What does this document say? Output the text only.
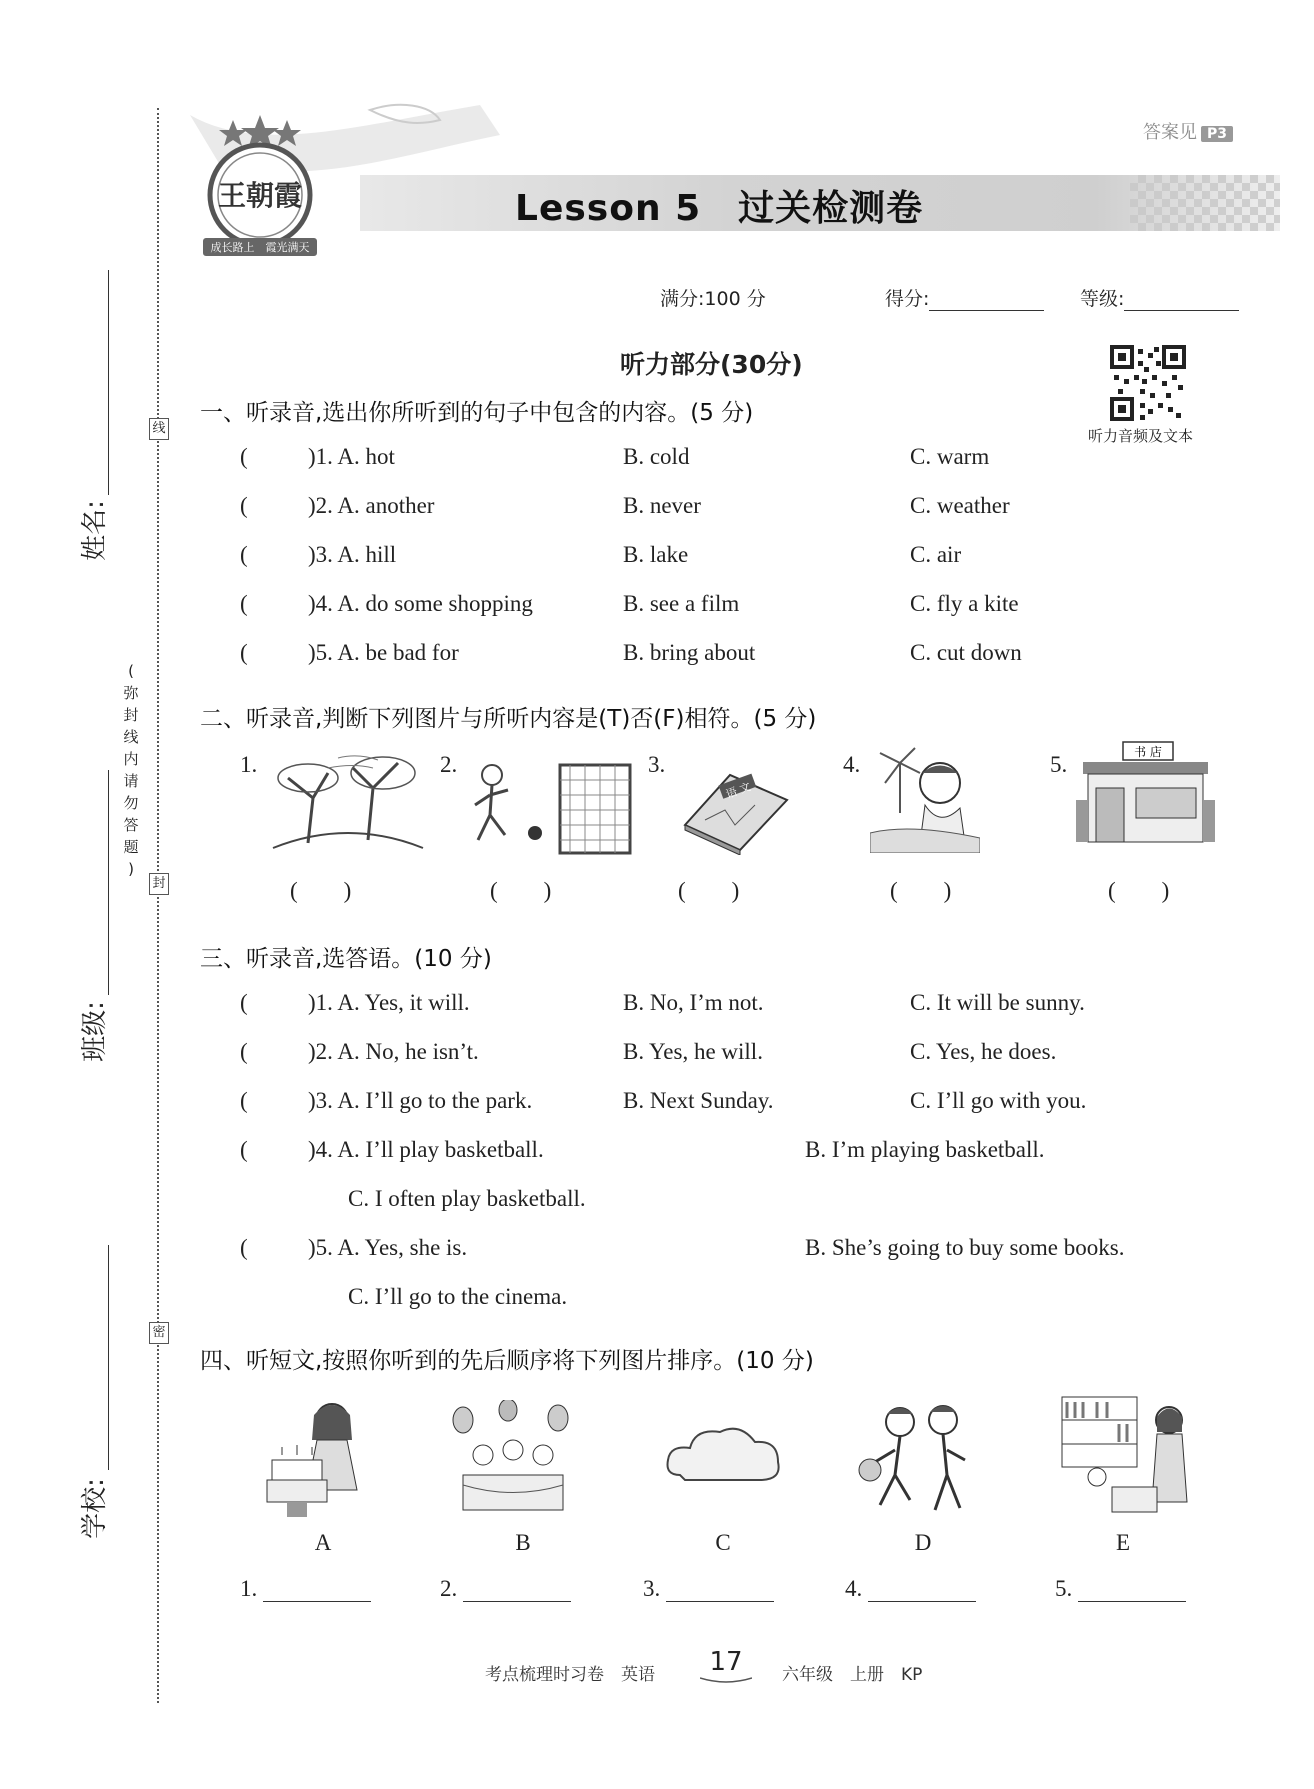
线
封
密
(
弥
封
线
内
请
勿
答
题
)
姓名:
班级:
学校:
王朝霞
成长路上　霞光满天
Lesson 5　过关检测卷
答案见 P3
满分:100 分	得分:	等级:
听力部分(30分)
听力音频及文本
一、听录音,选出你所听到的句子中包含的内容。(5 分)
(	)1. A. hot	B. cold	C. warm
(	)2. A. another	B. never	C. weather
(	)3. A. hill	B. lake	C. air
(	)4. A. do some shopping	B. see a film	C. fly a kite
(	)5. A. be bad for	B. bring about	C. cut down
二、听录音,判断下列图片与所听内容是(T)否(F)相符。(5 分)
1.	2.	3.	4.	5.
语 文
书 店
(　　)	(　　)	(　　)	(　　)	(　　)
三、听录音,选答语。(10 分)
(	)1. A. Yes, it will.	B. No, I’m not.	C. It will be sunny.
(	)2. A. No, he isn’t.	B. Yes, he will.	C. Yes, he does.
(	)3. A. I’ll go to the park.	B. Next Sunday.	C. I’ll go with you.
(	)4. A. I’ll play basketball.	B. I’m playing basketball.
C. I often play basketball.
(	)5. A. Yes, she is.	B. She’s going to buy some books.
C. I’ll go to the cinema.
四、听短文,按照你听到的先后顺序将下列图片排序。(10 分)
A	B	C	D	E
1.	2.	3.	4.	5.
考点梳理时习卷　英语	17	六年级　上册　KP
